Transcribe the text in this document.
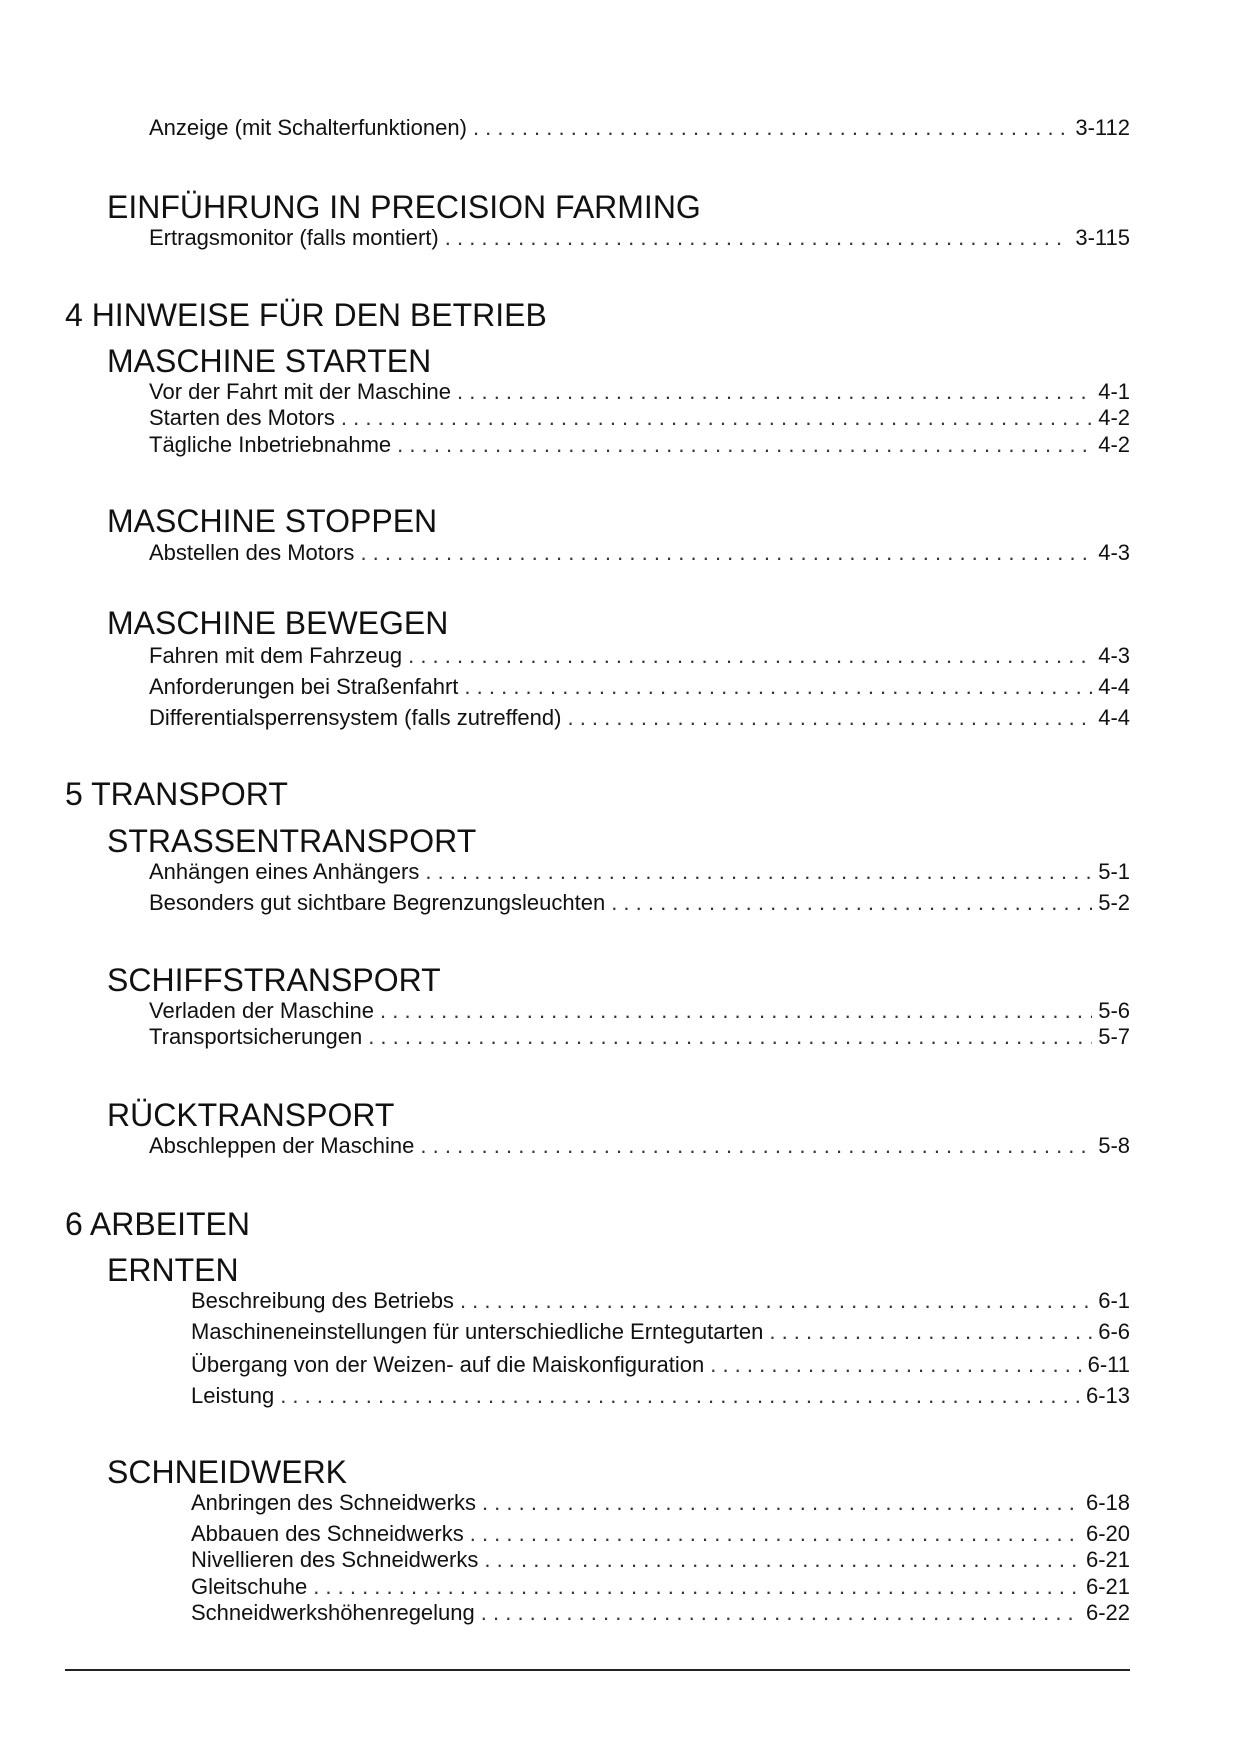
Anzeige (mit Schalterfunktionen) . . .	3-112
EINFÜHRUNG IN PRECISION FARMING
Ertragsmonitor (falls montiert) . . .	3-115
4 HINWEISE FÜR DEN BETRIEB
MASCHINE STARTEN
Vor der Fahrt mit der Maschine . . .	4-1
Starten des Motors . . .	4-2
Tägliche Inbetriebnahme . . .	4-2
MASCHINE STOPPEN
Abstellen des Motors . . .	4-3
MASCHINE BEWEGEN
Fahren mit dem Fahrzeug . . .	4-3
Anforderungen bei Straßenfahrt . . .	4-4
Differentialsperrensystem (falls zutreffend) . . .	4-4
5 TRANSPORT
STRASSENTRANSPORT
Anhängen eines Anhängers . . .	5-1
Besonders gut sichtbare Begrenzungsleuchten . . .	5-2
SCHIFFSTRANSPORT
Verladen der Maschine . . .	5-6
Transportsicherungen . . .	5-7
RÜCKTRANSPORT
Abschleppen der Maschine . . .	5-8
6 ARBEITEN
ERNTEN
Beschreibung des Betriebs . . .	6-1
Maschineneinstellungen für unterschiedliche Erntegutarten . . .	6-6
Übergang von der Weizen- auf die Maiskonfiguration . . .	6-11
Leistung . . .	6-13
SCHNEIDWERK
Anbringen des Schneidwerks . . .	6-18
Abbauen des Schneidwerks . . .	6-20
Nivellieren des Schneidwerks . . .	6-21
Gleitschuhe . . .	6-21
Schneidwerkshöhenregelung . . .	6-22
